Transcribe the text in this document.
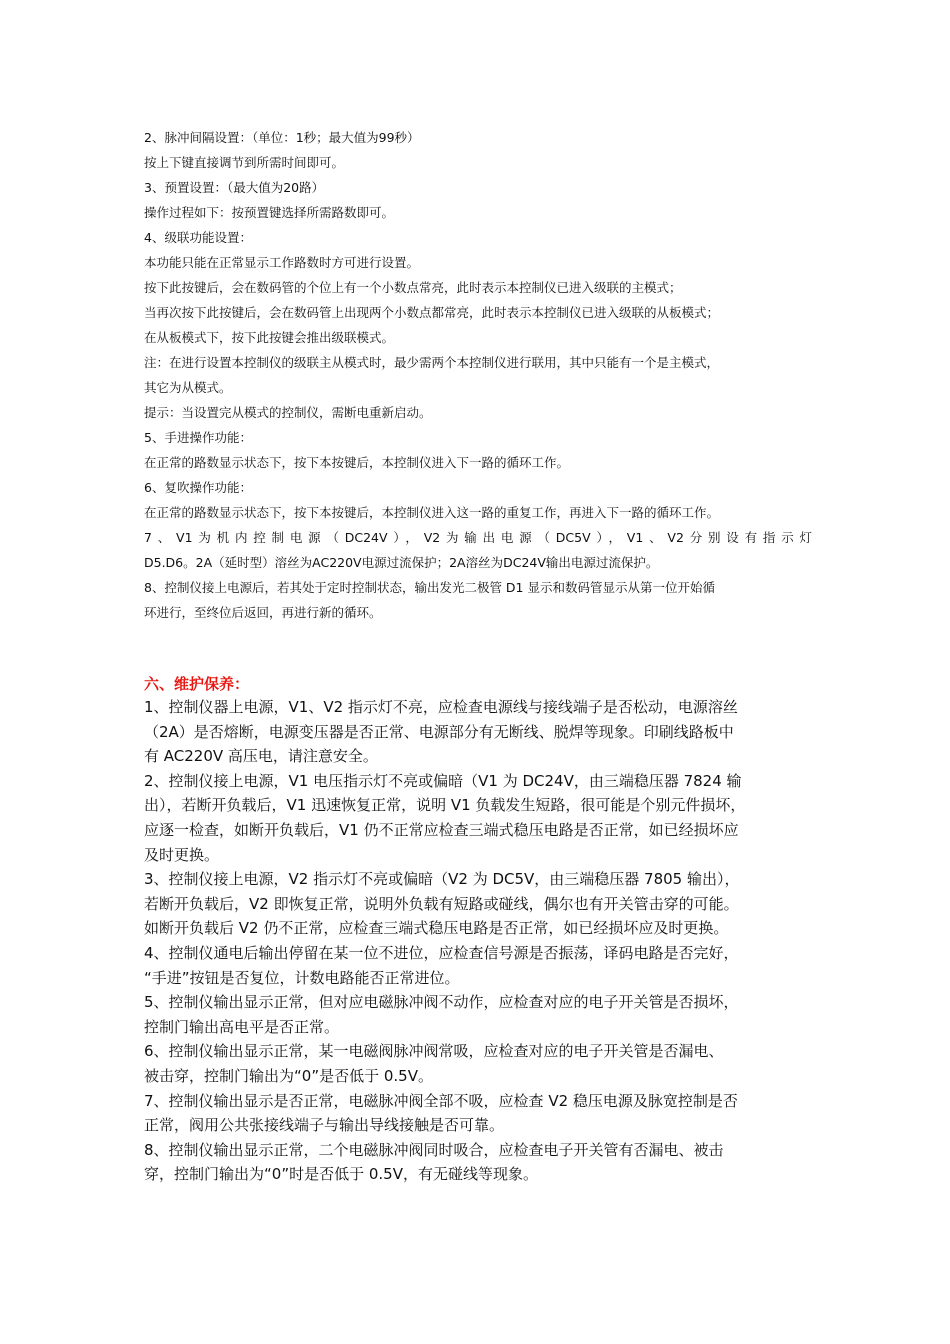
2、脉冲间隔设置：（单位：1秒；最大值为99秒）

按上下键直接调节到所需时间即可。

3、预置设置：（最大值为20路）

操作过程如下：按预置键选择所需路数即可。

4、级联功能设置：

本功能只能在正常显示工作路数时方可进行设置。

按下此按键后，会在数码管的个位上有一个小数点常亮，此时表示本控制仪已进入级联的主模式；

当再次按下此按键后，会在数码管上出现两个小数点都常亮，此时表示本控制仪已进入级联的从板模式；

在从板模式下，按下此按键会推出级联模式。

注：在进行设置本控制仪的级联主从模式时，最少需两个本控制仪进行联用，其中只能有一个是主模式，

其它为从模式。

提示：当设置完从模式的控制仪，需断电重新启动。

5、手进操作功能：

在正常的路数显示状态下，按下本按键后，本控制仪进入下一路的循环工作。

6、复吹操作功能：

在正常的路数显示状态下，按下本按键后，本控制仪进入这一路的重复工作，再进入下一路的循环工作。

7、V1为机内控制电源（DC24V），V2为输出电源（DC5V），V1、V2分别设有指示灯

D5.D6。2A（延时型）溶丝为AC220V电源过流保护；2A溶丝为DC24V输出电源过流保护。

8、控制仪接上电源后，若其处于定时控制状态，输出发光二极管 D1 显示和数码管显示从第一位开始循

环进行，至终位后返回，再进行新的循环。

六、维护保养：

1、控制仪器上电源，V1、V2 指示灯不亮，应检查电源线与接线端子是否松动，电源溶丝

（2A）是否熔断，电源变压器是否正常、电源部分有无断线、脱焊等现象。印刷线路板中

有 AC220V 高压电，请注意安全。

2、控制仪接上电源，V1 电压指示灯不亮或偏暗（V1 为 DC24V，由三端稳压器 7824 输

出），若断开负载后，V1 迅速恢复正常，说明 V1 负载发生短路，很可能是个别元件损坏，

应逐一检查，如断开负载后，V1 仍不正常应检查三端式稳压电路是否正常，如已经损坏应

及时更换。

3、控制仪接上电源，V2 指示灯不亮或偏暗（V2 为 DC5V，由三端稳压器 7805 输出），

若断开负载后，V2 即恢复正常，说明外负载有短路或碰线，偶尔也有开关管击穿的可能。

如断开负载后 V2 仍不正常，应检查三端式稳压电路是否正常，如已经损坏应及时更换。

4、控制仪通电后输出停留在某一位不进位，应检查信号源是否振荡，译码电路是否完好，

“手进”按钮是否复位，计数电路能否正常进位。

5、控制仪输出显示正常，但对应电磁脉冲阀不动作，应检查对应的电子开关管是否损坏，

控制门输出高电平是否正常。

6、控制仪输出显示正常，某一电磁阀脉冲阀常吸，应检查对应的电子开关管是否漏电、

被击穿，控制门输出为“0”是否低于 0.5V。

7、控制仪输出显示是否正常，电磁脉冲阀全部不吸，应检查 V2 稳压电源及脉宽控制是否

正常，阀用公共张接线端子与输出导线接触是否可靠。

8、控制仪输出显示正常，二个电磁脉冲阀同时吸合，应检查电子开关管有否漏电、被击

穿，控制门输出为“0”时是否低于 0.5V，有无碰线等现象。
